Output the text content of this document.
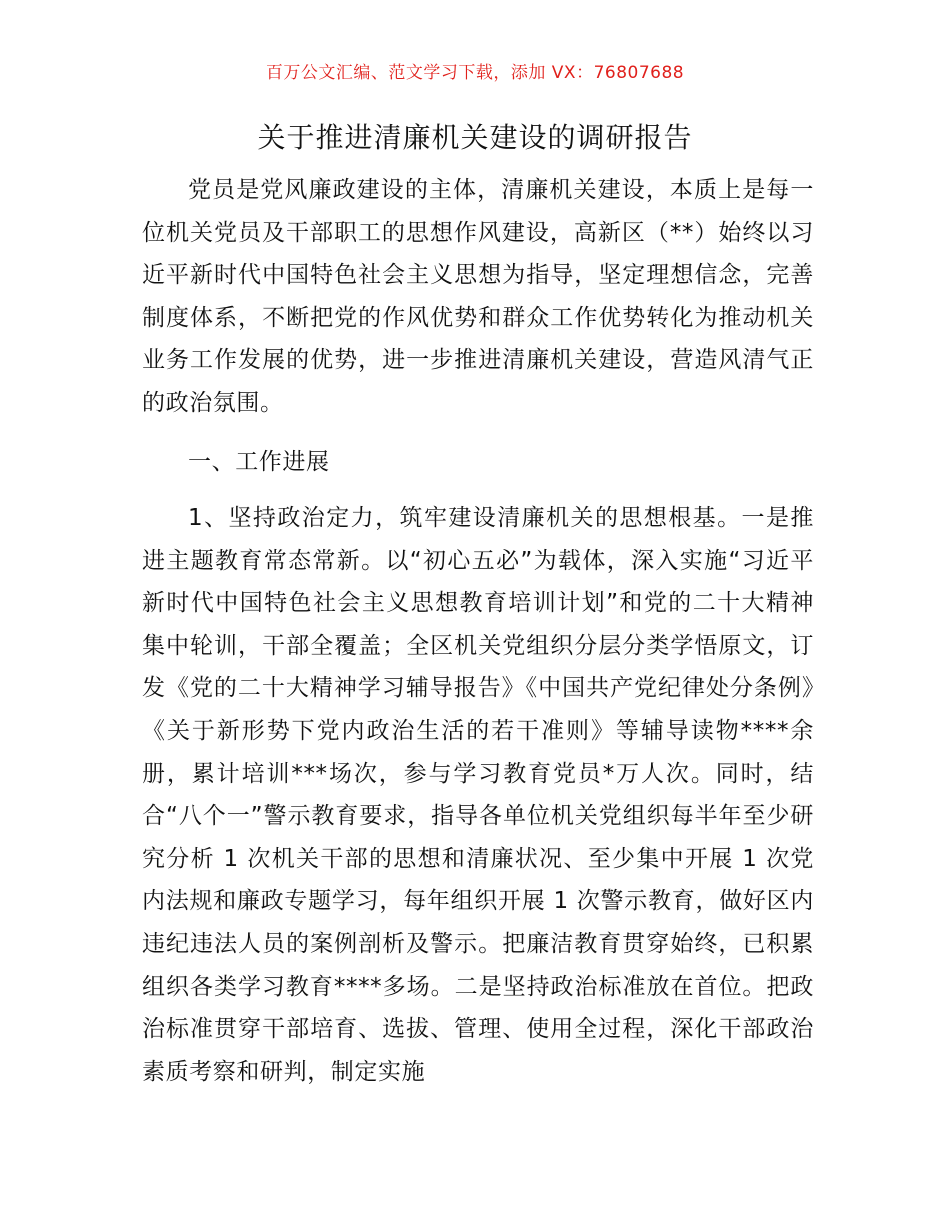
百万公文汇编、范文学习下载，添加 VX：76807688
关于推进清廉机关建设的调研报告

党员是党风廉政建设的主体，清廉机关建设，本质上是每一位机关党员及干部职工的思想作风建设，高新区（**）始终以习近平新时代中国特色社会主义思想为指导，坚定理想信念，完善制度体系，不断把党的作风优势和群众工作优势转化为推动机关业务工作发展的优势，进一步推进清廉机关建设，营造风清气正的政治氛围。

一、工作进展

1、坚持政治定力，筑牢建设清廉机关的思想根基。一是推进主题教育常态常新。以“初心五必”为载体，深入实施“习近平新时代中国特色社会主义思想教育培训计划”和党的二十大精神集中轮训，干部全覆盖；全区机关党组织分层分类学悟原文，订发《党的二十大精神学习辅导报告》《中国共产党纪律处分条例》《关于新形势下党内政治生活的若干准则》等辅导读物****余册，累计培训***场次，参与学习教育党员*万人次。同时，结合“八个一”警示教育要求，指导各单位机关党组织每半年至少研究分析 1 次机关干部的思想和清廉状况、至少集中开展 1 次党内法规和廉政专题学习，每年组织开展 1 次警示教育，做好区内违纪违法人员的案例剖析及警示。把廉洁教育贯穿始终，已积累组织各类学习教育****多场。二是坚持政治标准放在首位。把政治标准贯穿干部培育、选拔、管理、使用全过程，深化干部政治素质考察和研判，制定实施
